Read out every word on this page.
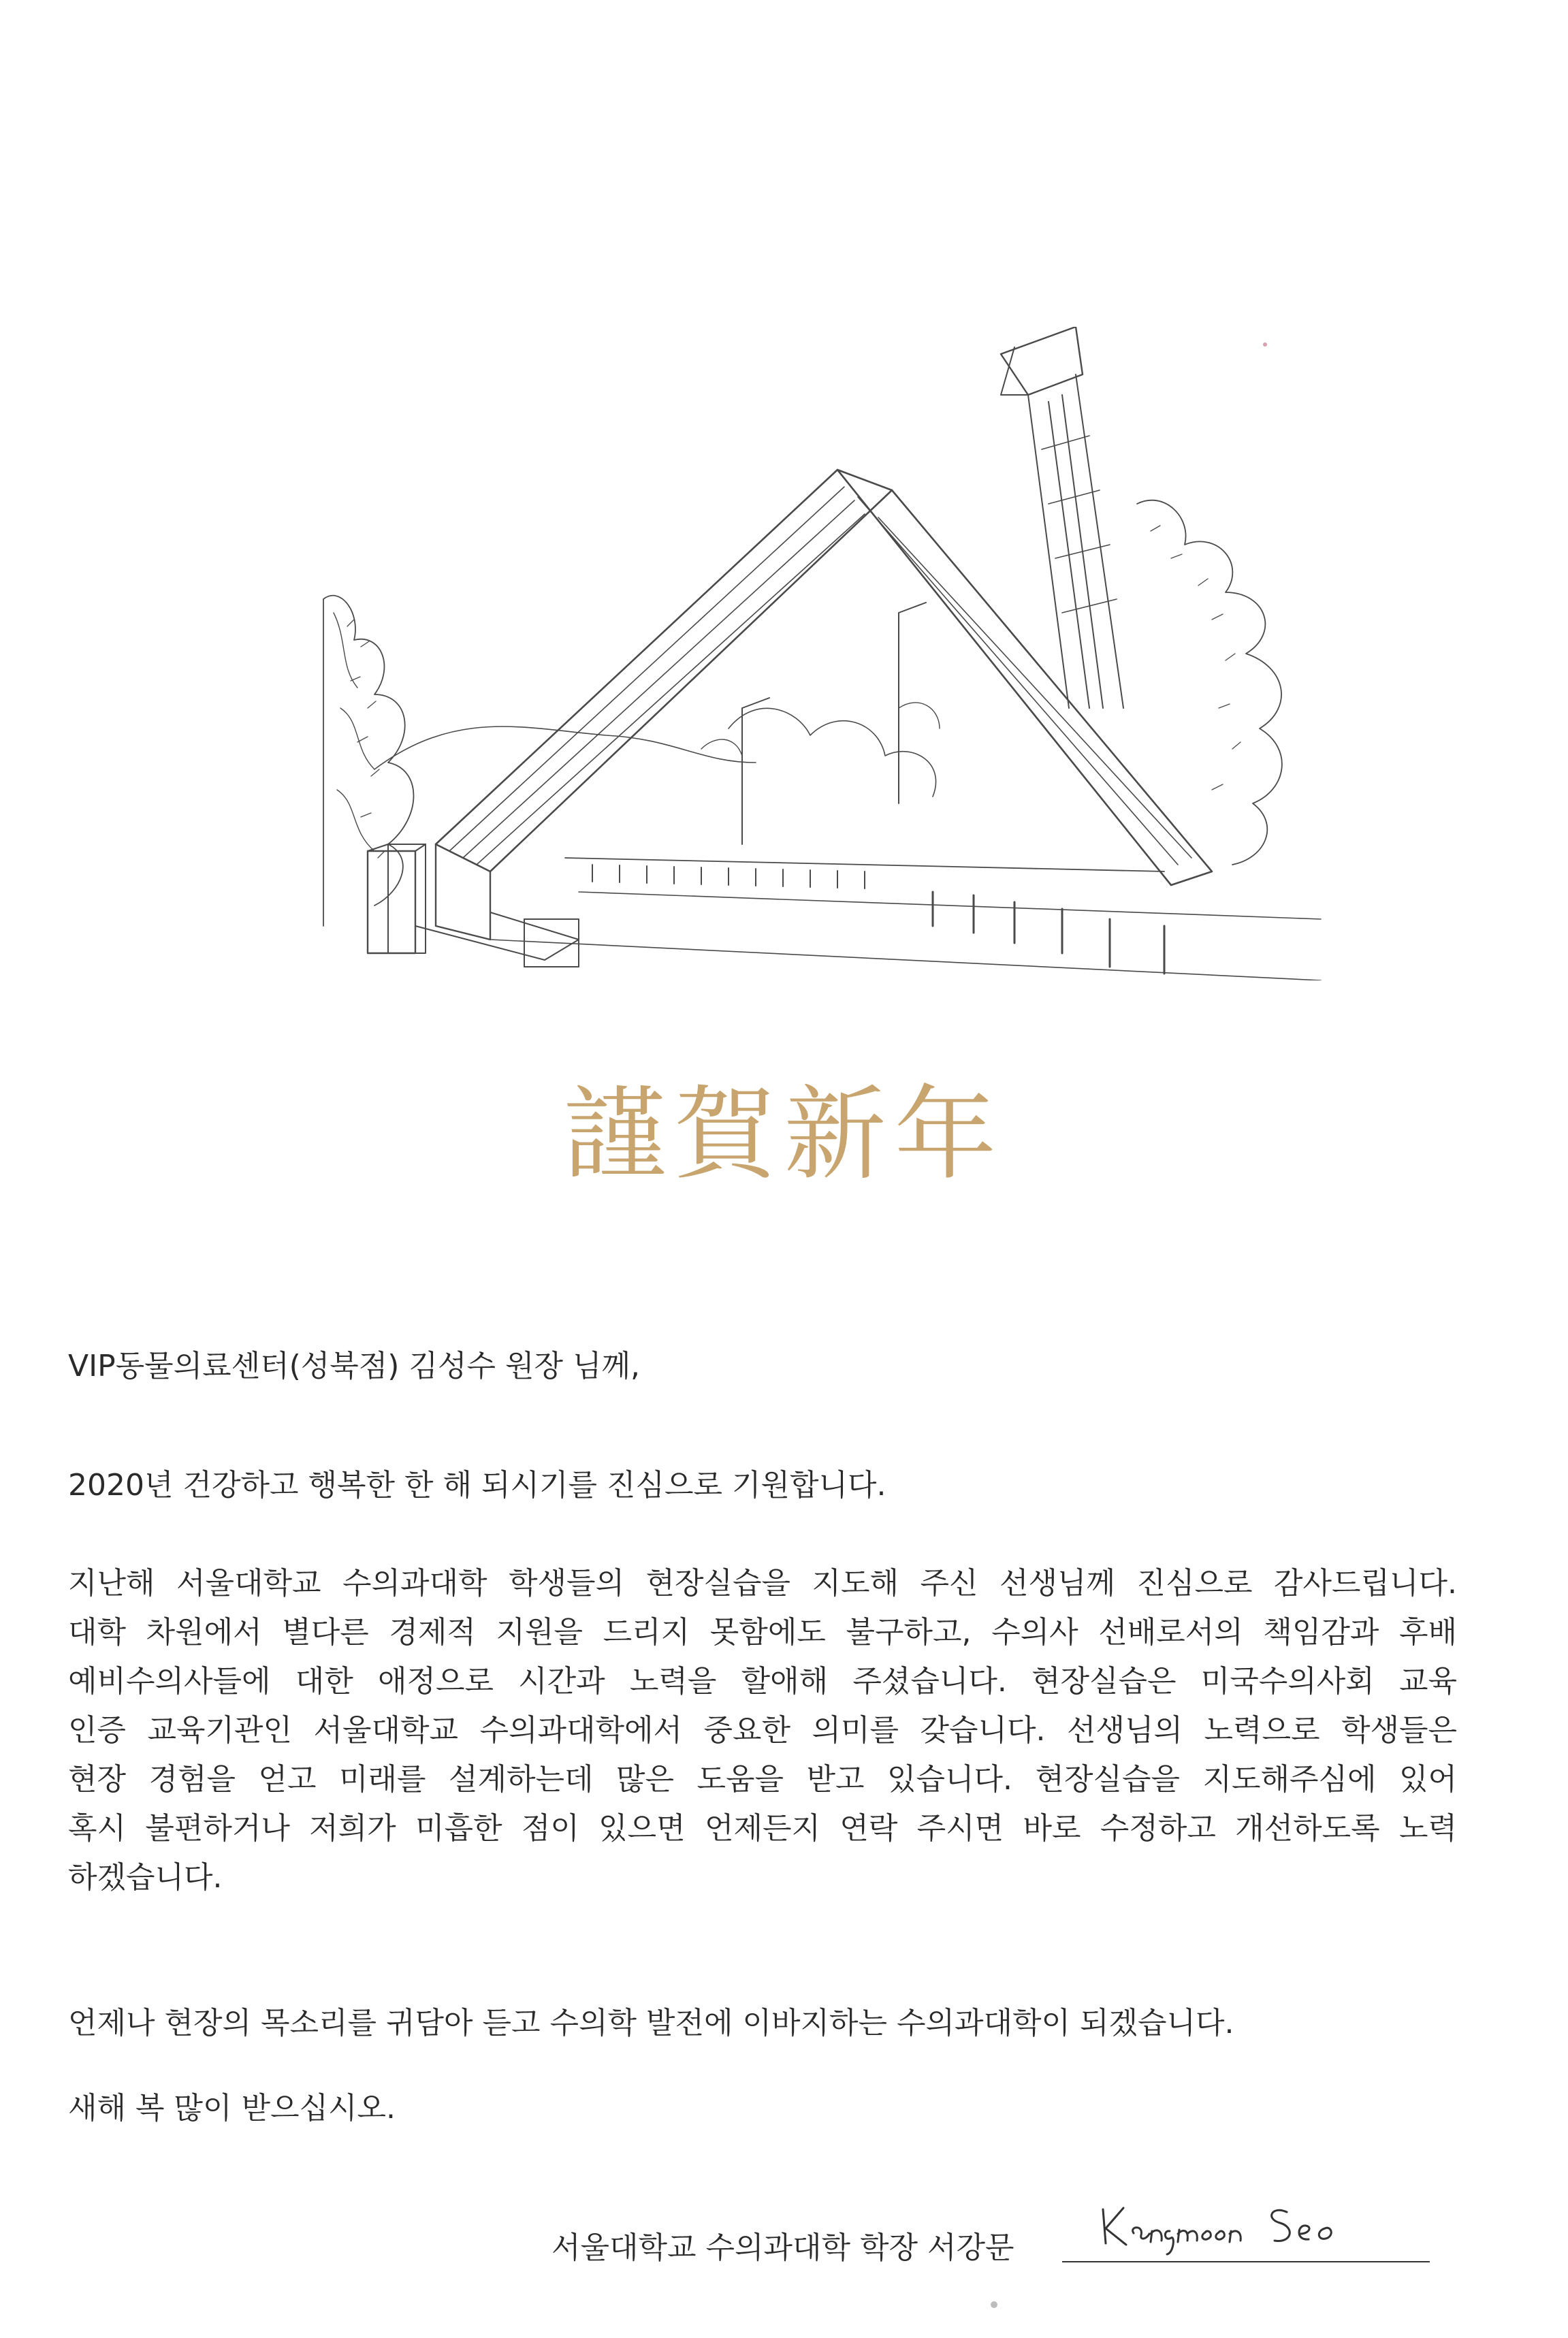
謹賀新年
VIP동물의료센터(성북점) 김성수 원장 님께,
2020년 건강하고 행복한 한 해 되시기를 진심으로 기원합니다.
지난해 서울대학교 수의과대학 학생들의 현장실습을 지도해 주신 선생님께 진심으로 감사드립니다.
대학 차원에서 별다른 경제적 지원을 드리지 못함에도 불구하고, 수의사 선배로서의 책임감과 후배
예비수의사들에 대한 애정으로 시간과 노력을 할애해 주셨습니다. 현장실습은 미국수의사회 교육
인증 교육기관인 서울대학교 수의과대학에서 중요한 의미를 갖습니다. 선생님의 노력으로 학생들은
현장 경험을 얻고 미래를 설계하는데 많은 도움을 받고 있습니다. 현장실습을 지도해주심에 있어
혹시 불편하거나 저희가 미흡한 점이 있으면 언제든지 연락 주시면 바로 수정하고 개선하도록 노력
하겠습니다.
언제나 현장의 목소리를 귀담아 듣고 수의학 발전에 이바지하는 수의과대학이 되겠습니다.
새해 복 많이 받으십시오.
서울대학교 수의과대학 학장 서강문
